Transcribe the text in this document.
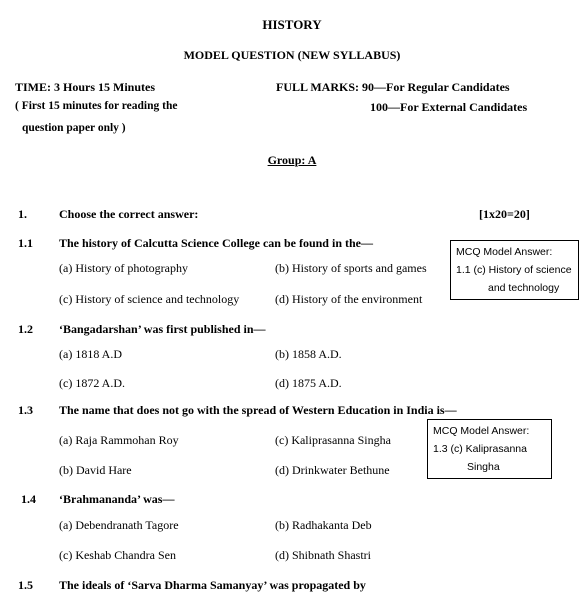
HISTORY
MODEL QUESTION (NEW SYLLABUS)
TIME: 3 Hours 15 Minutes
( First 15 minutes for reading the
question paper only )
FULL MARKS: 90—For Regular Candidates
100—For External Candidates
Group: A
1.	Choose the correct answer:	[1x20=20]
1.1 The history of Calcutta Science College can be found in the—
(a) History of photography	(b) History of sports and games
(c) History of science and technology	(d) History of the environment
1.2 ‘Bangadarshan’ was first published in—
(a) 1818 A.D	(b) 1858 A.D.
(c) 1872 A.D.	(d) 1875 A.D.
1.3 The name that does not go with the spread of Western Education in India is—
(a) Raja Rammohan Roy	(c) Kaliprasanna Singha
(b) David Hare	(d) Drinkwater Bethune
1.4 ‘Brahmananda’ was—
(a) Debendranath Tagore	(b) Radhakanta Deb
(c) Keshab Chandra Sen	(d) Shibnath Shastri
1.5 The ideals of ‘Sarva Dharma Samanyay’ was propagated by
MCQ Model Answer:
1.1 (c) History of science
and technology
MCQ Model Answer:
1.3 (c) Kaliprasanna
Singha
